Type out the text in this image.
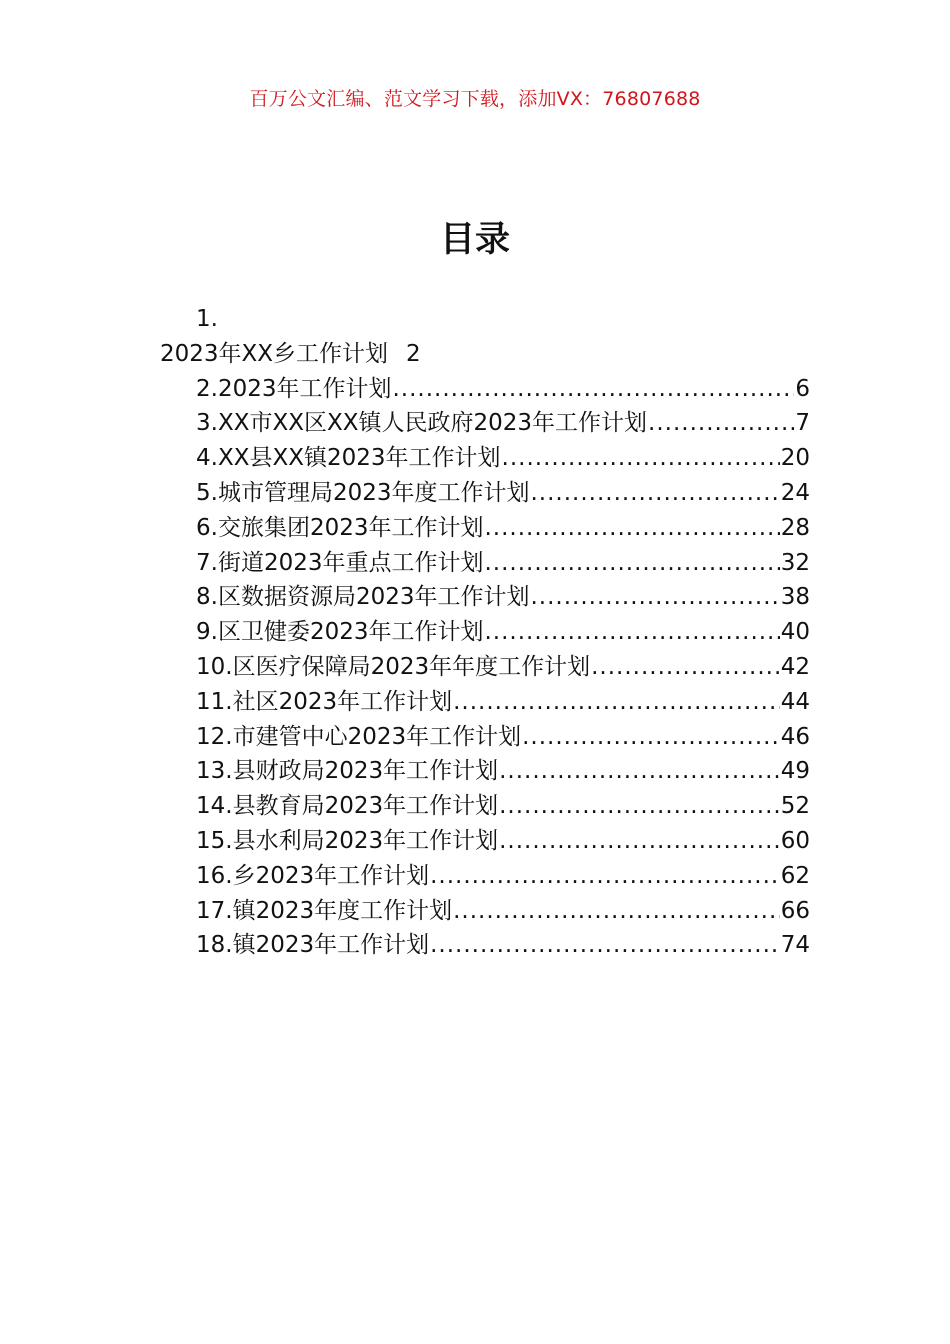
百万公文汇编、范文学习下载，添加VX：76807688
目录
1.
2023年XX乡工作计划 2
2.2023年工作计划 .....	6
3.XX市XX区XX镇人民政府2023年工作计划 .....	7
4.XX县XX镇2023年工作计划 .....	20
5.城市管理局2023年度工作计划 .....	24
6.交旅集团2023年工作计划 .....	28
7.街道2023年重点工作计划 .....	32
8.区数据资源局2023年工作计划 .....	38
9.区卫健委2023年工作计划 .....	40
10.区医疗保障局2023年年度工作计划 .....	42
11.社区2023年工作计划 .....	44
12.市建管中心2023年工作计划 .....	46
13.县财政局2023年工作计划 .....	49
14.县教育局2023年工作计划 .....	52
15.县水利局2023年工作计划 .....	60
16.乡2023年工作计划 .....	62
17.镇2023年度工作计划 .....	66
18.镇2023年工作计划 .....	74
